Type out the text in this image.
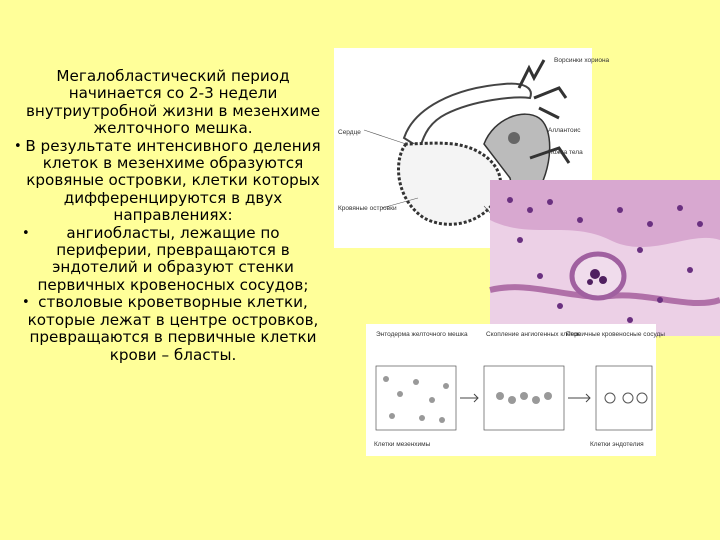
Мегалобластический период начинается со 2-3 недели внутриутробной жизни в мезенхиме желточного мешка.

• В результате интенсивного деления клеток в мезенхиме образуются кровяные островки, клетки которых дифференцируются в двух направлениях:
• ангиобласты, лежащие по периферии, превращаются в эндотелий и образуют стенки первичных кровеносных сосудов;
• стволовые кроветворные клетки, которые лежат в центре островков, превращаются в первичные клетки крови – бласты.
Сердце
Кровяные островки
Ворсинки хориона
Аллантоис
Ножка тела
Энтодерма желточного мешка	Скопление ангиогенных клеток
Первичные кровеносные сосуды
Клетки мезенхимы	Клетки эндотелия
